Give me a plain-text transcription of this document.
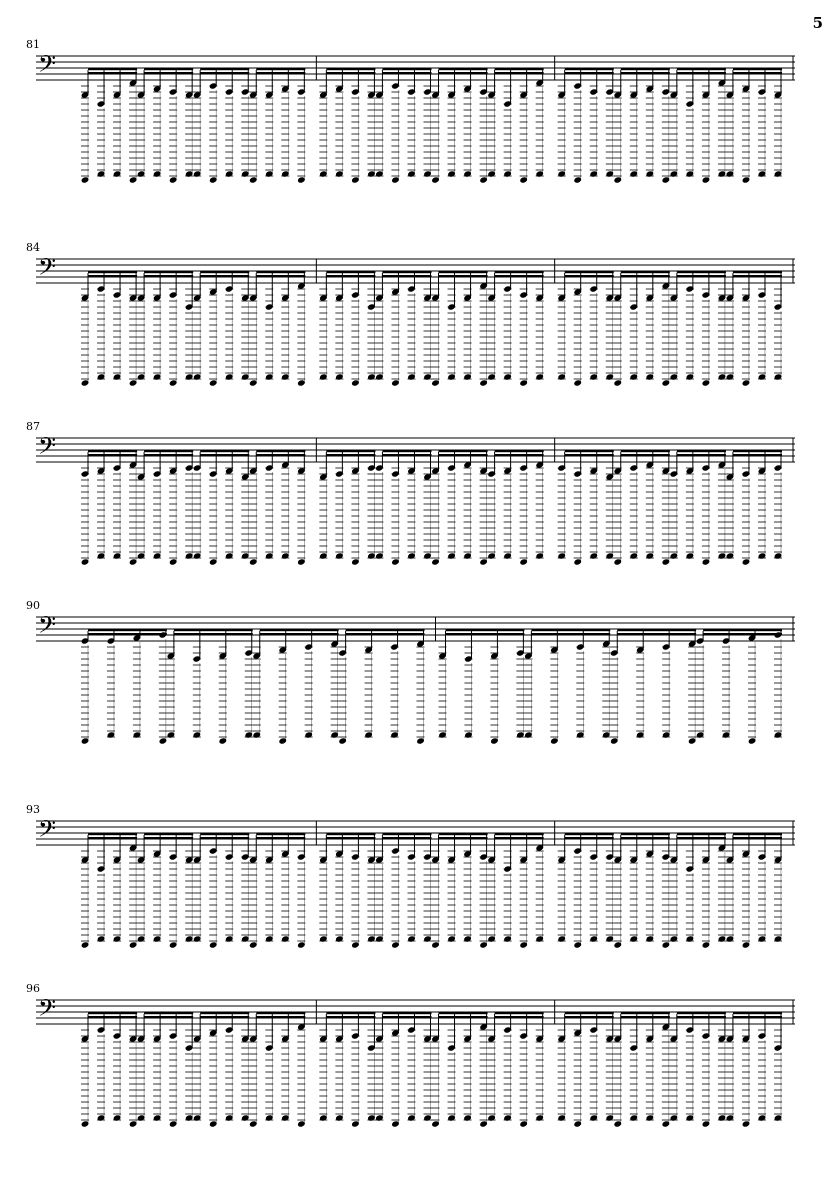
5
81
𝄢
84
𝄢
87
𝄢
90
𝄢
93
𝄢
96
𝄢
